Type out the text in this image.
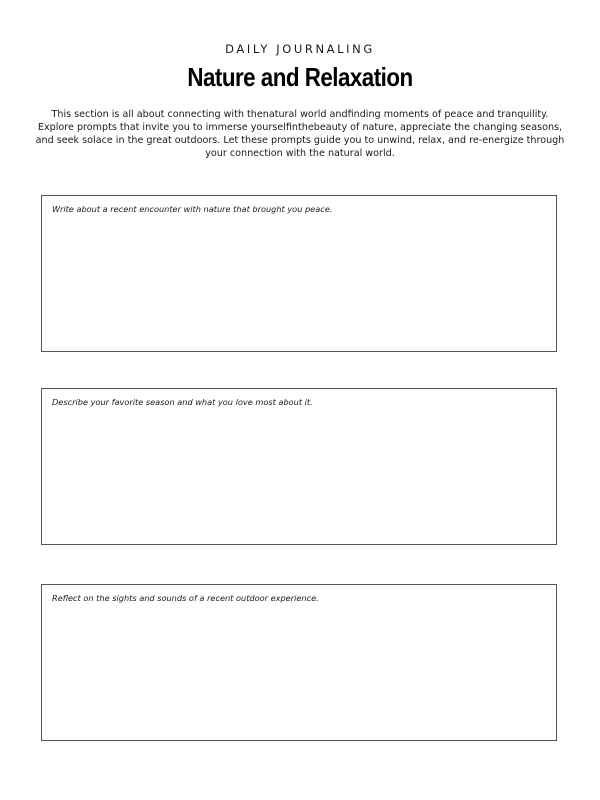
DAILY JOURNALING
Nature and Relaxation

This section is all about connecting with thenatural world andfinding moments of peace and tranquility. Explore prompts that invite you to immerse yourselfinthebeauty of nature, appreciate the changing seasons, and seek solace in the great outdoors. Let these prompts guide you to unwind, relax, and re-energize through your connection with the natural world.

Write about a recent encounter with nature that brought you peace.
Describe your favorite season and what you love most about it.
Reflect on the sights and sounds of a recent outdoor experience.
